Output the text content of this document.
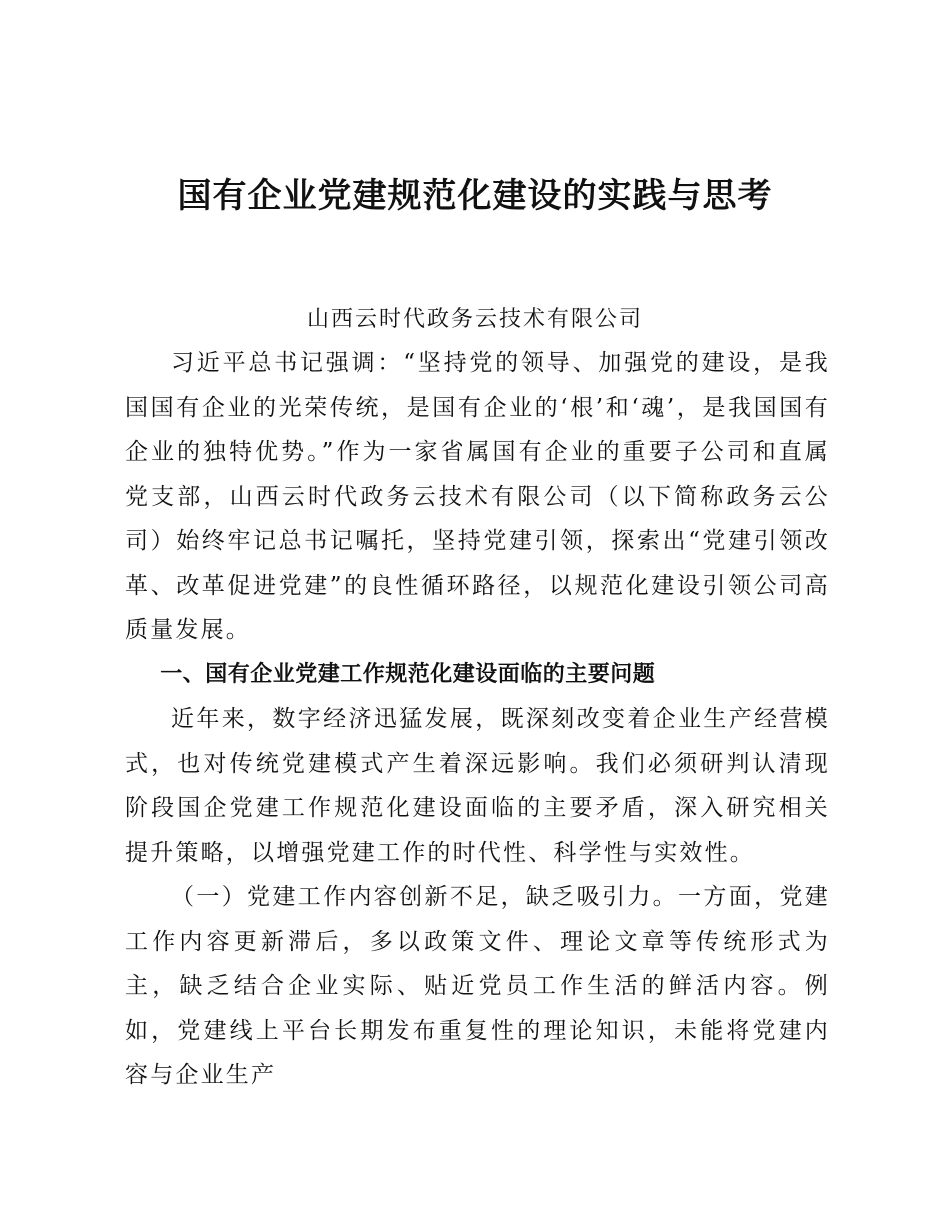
国有企业党建规范化建设的实践与思考

山西云时代政务云技术有限公司

习近平总书记强调：“坚持党的领导、加强党的建设，是我国国有企业的光荣传统，是国有企业的‘根’和‘魂’，是我国国有企业的独特优势。”作为一家省属国有企业的重要子公司和直属党支部，山西云时代政务云技术有限公司（以下简称政务云公司）始终牢记总书记嘱托，坚持党建引领，探索出“党建引领改革、改革促进党建”的良性循环路径，以规范化建设引领公司高质量发展。

一、国有企业党建工作规范化建设面临的主要问题

近年来，数字经济迅猛发展，既深刻改变着企业生产经营模式，也对传统党建模式产生着深远影响。我们必须研判认清现阶段国企党建工作规范化建设面临的主要矛盾，深入研究相关提升策略，以增强党建工作的时代性、科学性与实效性。

（一）党建工作内容创新不足，缺乏吸引力。一方面，党建工作内容更新滞后，多以政策文件、理论文章等传统形式为主，缺乏结合企业实际、贴近党员工作生活的鲜活内容。例如，党建线上平台长期发布重复性的理论知识，未能将党建内容与企业生产
